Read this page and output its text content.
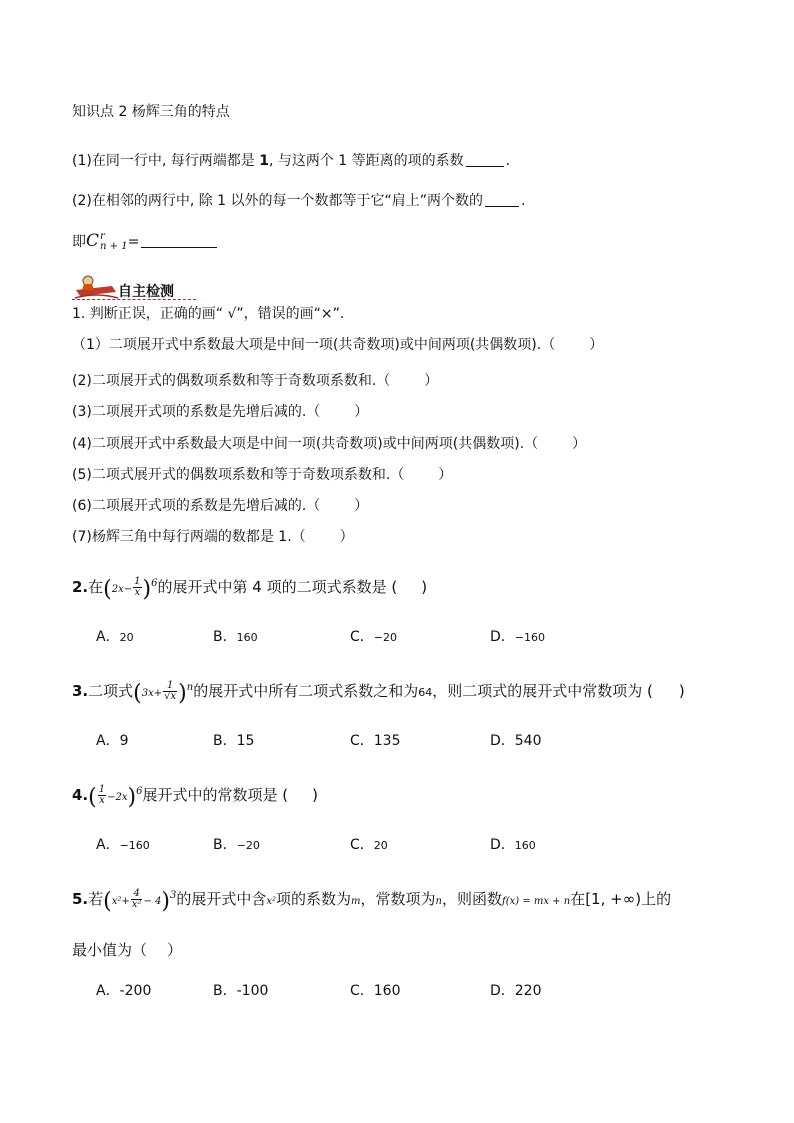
知识点 2 杨辉三角的特点
(1)在同一行中, 每行两端都是 1, 与这两个 1 等距离的项的系数	.
(2)在相邻的两行中, 除 1 以外的每一个数都等于它“肩上”两个数的	.
即C r
n + 1 =
自主检测
1. 判断正误，正确的画“ √”，错误的画“×”.
（1）二项展开式中系数最大项是中间一项(共奇数项)或中间两项(共偶数项).（ ）
(2)二项展开式的偶数项系数和等于奇数项系数和.（ ）
(3)二项展开式项的系数是先增后减的.（ ）
(4)二项展开式中系数最大项是中间一项(共奇数项)或中间两项(共偶数项).（ ）
(5)二项式展开式的偶数项系数和等于奇数项系数和.（ ）
(6)二项展开式项的系数是先增后减的.（ ）
(7)杨辉三角中每行两端的数都是 1.（ ）
2.在$(2x- \frac{1}{x} )^6$的展开式中第 4 项的二项式系数是 ( )
A．20	B．160	C．−20	D．−160
3.二项式$(3x+ \frac{1}{√x} )^n$的展开式中所有二项式系数之和为64，则二项式的展开式中常数项为 ( )
A．9	B．15	C．135	D．540
$4.( \frac{1}{x} -2x)^6$展开式中的常数项是 ( )
A．−160	B．−20	C．20	D．160
5.若$(x^2+ \frac{4}{\text{x²}} - 4)^3$的展开式中含x²项的系数为m，常数项为n，则函数f(x) = mx + n在[1, +∞)上的
最小值为（ ）
A．-200	B．-100	C．160	D．220
